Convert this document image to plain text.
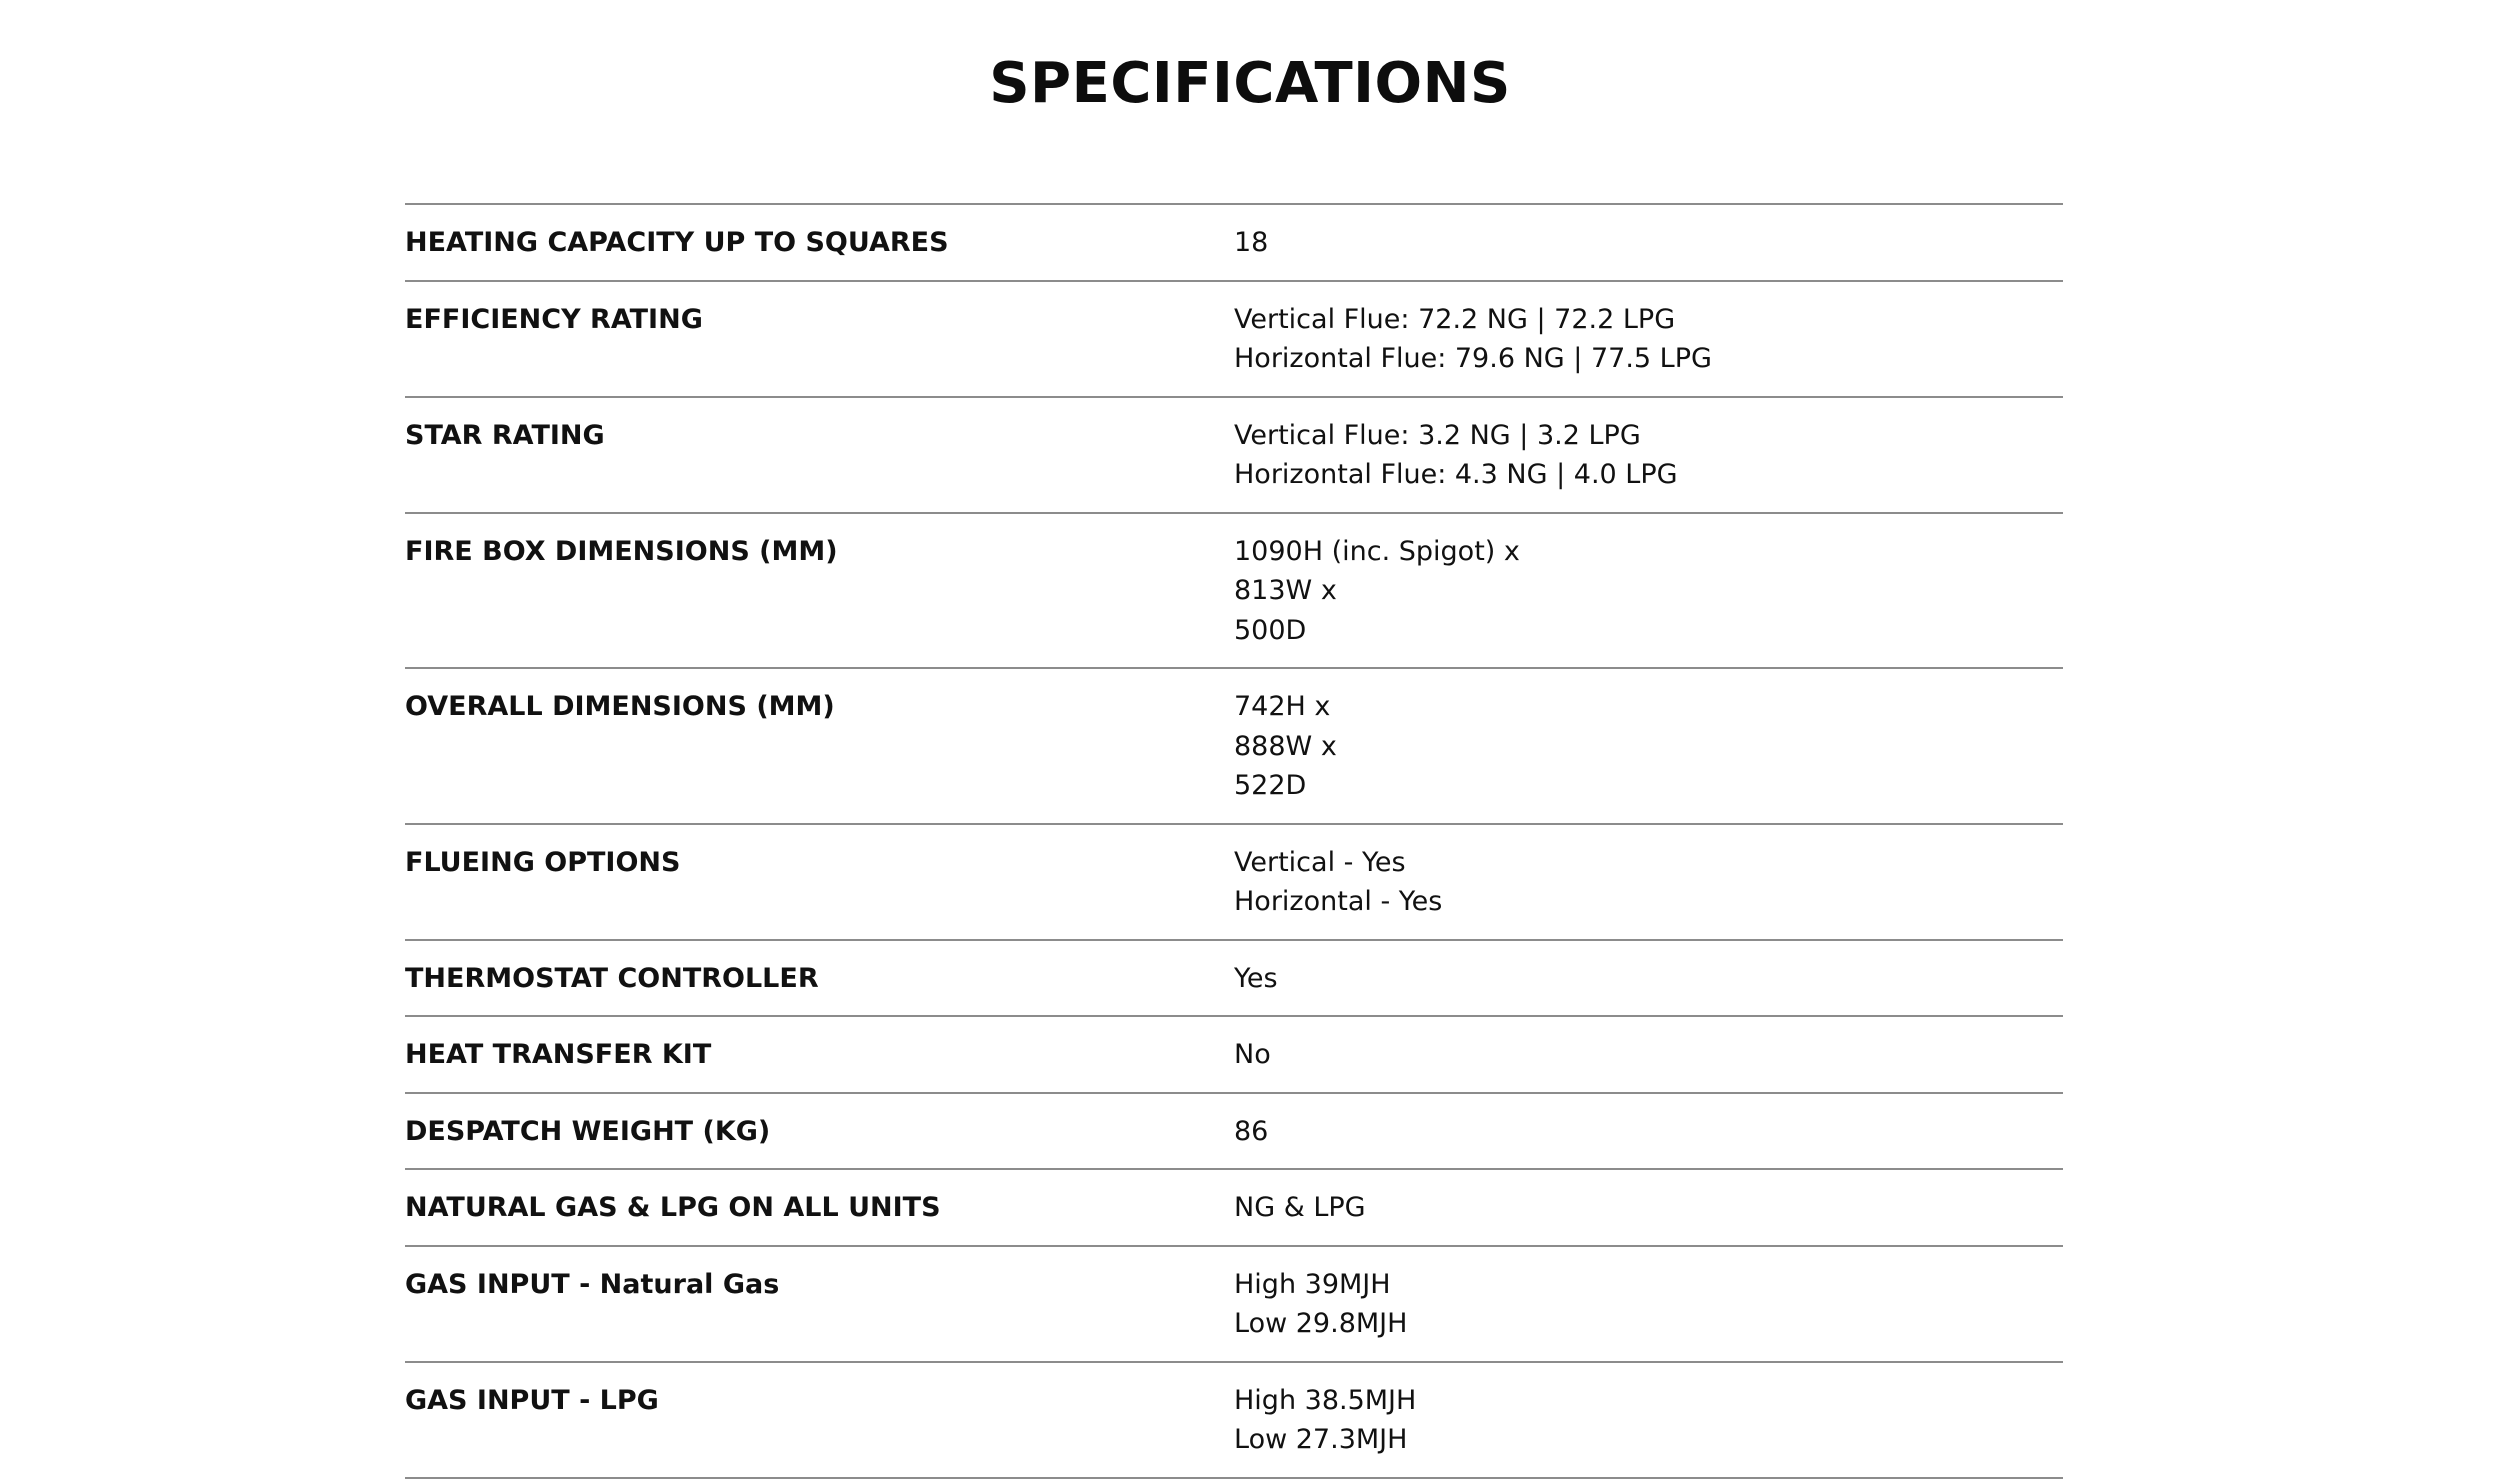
SPECIFICATIONS
HEATING CAPACITY UP TO SQUARES	18
EFFICIENCY RATING	Vertical Flue: 72.2 NG | 72.2 LPG
Horizontal Flue: 79.6 NG | 77.5 LPG
STAR RATING	Vertical Flue: 3.2 NG | 3.2 LPG
Horizontal Flue: 4.3 NG | 4.0 LPG
FIRE BOX DIMENSIONS (MM)	1090H (inc. Spigot) x
813W x
500D
OVERALL DIMENSIONS (MM)	742H x
888W x
522D
FLUEING OPTIONS	Vertical - Yes
Horizontal - Yes
THERMOSTAT CONTROLLER	Yes
HEAT TRANSFER KIT	No
DESPATCH WEIGHT (KG)	86
NATURAL GAS & LPG ON ALL UNITS	NG & LPG
GAS INPUT - Natural Gas	High 39MJH
Low 29.8MJH
GAS INPUT - LPG	High 38.5MJH
Low 27.3MJH
